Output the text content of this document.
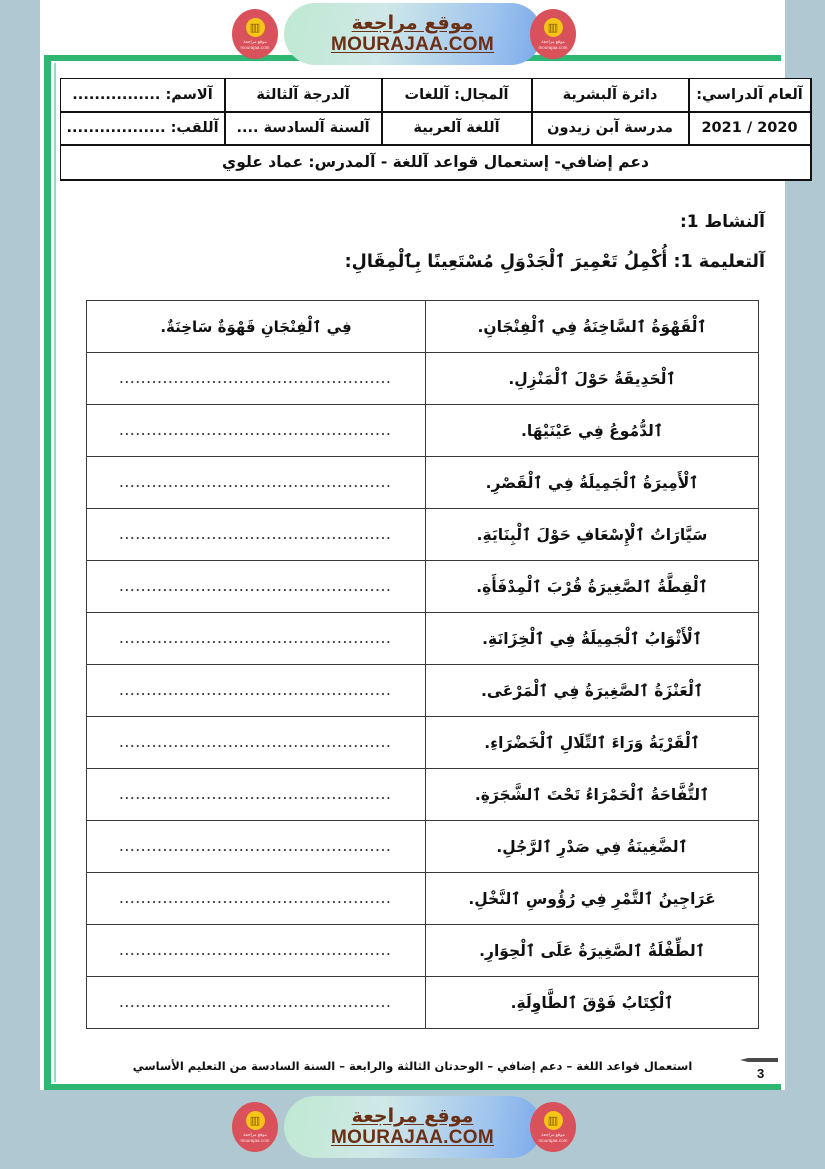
▥
موقع مراجعة
mourajaa.com
موقع مراجعة
MOURAJAA.COM
▥
موقع مراجعة
mourajaa.com
آلعام آلدراسي:	دائرة آلبشرية	آلمجال: آللغات	آلدرجة آلثالثة	آلاسم: ................
2020 / 2021	مدرسة آبن زيدون	آللغة آلعربية	آلسنة آلسادسة ....	آللقب: ..................
دعم إضافي- إستعمال قواعد آللغة - آلمدرس: عماد علوي				
آلنشاط 1:
آلتعليمة 1: أُكْمِلُ تَعْمِيرَ ٱلْجَدْوَلِ مُسْتَعِينًا بِٱلْمِقَالِ:
ٱلْقَهْوَةُ ٱلسَّاخِنَةُ فِي ٱلْفِنْجَانِ.	فِي ٱلْفِنْجَانِ قَهْوَةٌ سَاخِنَةٌ.
ٱلْحَدِيقَةُ حَوْلَ ٱلْمَنْزِلِ.	..................................................

ٱلدُّمُوعُ فِي عَيْنَيْهَا.	..................................................

ٱلْأَمِيرَةُ ٱلْجَمِيلَةُ فِي ٱلْقَصْرِ.	..................................................

سَيَّارَاتُ ٱلْإِسْعَافِ حَوْلَ ٱلْبِنَايَةِ.	..................................................

ٱلْقِطَّةُ ٱلصَّغِيرَةُ قُرْبَ ٱلْمِدْفَأَةِ.	..................................................

ٱلْأَثْوَابُ ٱلْجَمِيلَةُ فِي ٱلْخِزَانَةِ.	..................................................

ٱلْعَنْزَةُ ٱلصَّغِيرَةُ فِي ٱلْمَرْعَى.	..................................................

ٱلْقَرْيَةُ وَرَاءَ ٱلتِّلَالِ ٱلْخَضْرَاءِ.	..................................................

ٱلتُّفَّاحَةُ ٱلْحَمْرَاءُ تَحْتَ ٱلشَّجَرَةِ.	..................................................

ٱلضَّغِينَةُ فِي صَدْرِ ٱلرَّجُلِ.	..................................................

عَرَاجِينُ ٱلتَّمْرِ فِي رُؤُوسِ ٱلنَّخْلِ.	..................................................

ٱلطِّفْلَةُ ٱلصَّغِيرَةُ عَلَى ٱلْحِوَارِ.	..................................................

ٱلْكِتَابُ فَوْقَ ٱلطَّاوِلَةِ.	..................................................
استعمال قواعد اللغة – دعم إضافي – الوحدتان الثالثة والرابعة – السنة السادسة من التعليم الأساسي	3
▥
موقع مراجعة
mourajaa.com
موقع مراجعة
MOURAJAA.COM
▥
موقع مراجعة
mourajaa.com
